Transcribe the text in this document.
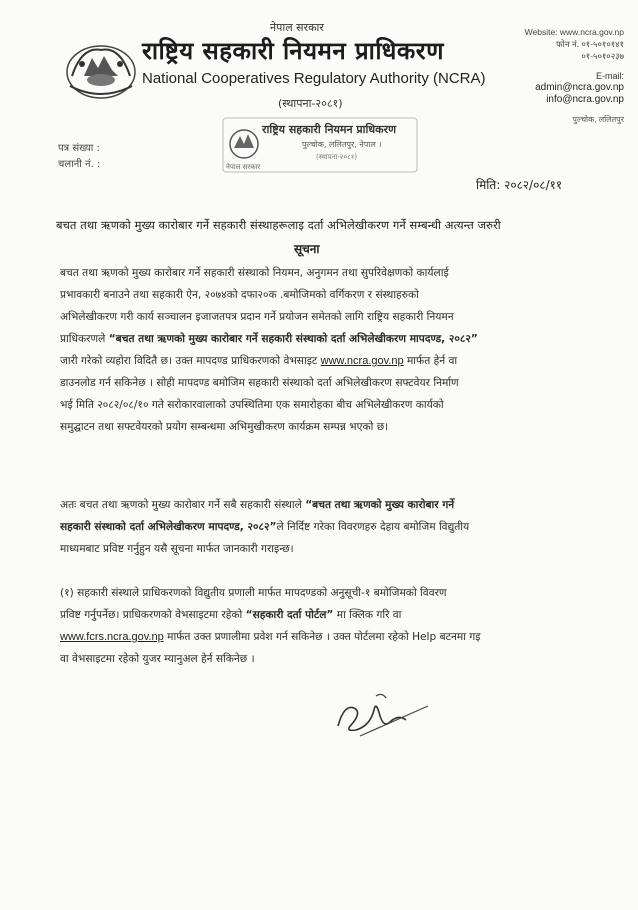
नेपाल सरकार
राष्ट्रिय सहकारी नियमन प्राधिकरण
National Cooperatives Regulatory Authority (NCRA)
(स्थापना-२०८१)
Website: www.ncra.gov.np
फोन नं. ०१-५०१०१४१
०१-५०१०२३७
E-mail:
admin@ncra.gov.np
info@ncra.gov.np
पुल्चोक, ललितपुर
पत्र संख्या :
चलानी नं. :
राष्ट्रिय सहकारी नियमन प्राधिकरण
पुल्चोक, ललितपुर, नेपाल ।
(स्थापना-२०८१)
नेपाल सरकार
मिति: २०८२/०८/११
बचत तथा ऋणको मुख्य कारोबार गर्ने सहकारी संस्थाहरूलाइ दर्ता अभिलेखीकरण गर्ने सम्बन्धी अत्यन्त जरुरी
सूचना
बचत तथा ऋणको मुख्य कारोबार गर्ने सहकारी संस्थाको नियमन, अनुगमन तथा सुपरिवेक्षणको कार्यलाई
प्रभावकारी बनाउने तथा सहकारी ऐन, २०७४को दफा२०क .बमोजिमको वर्गिकरण र संस्थाहरुको
अभिलेखीकरण गरी कार्य सञ्चालन इजाजतपत्र प्रदान गर्ने प्रयोजन समेतको लागि राष्ट्रिय सहकारी नियमन
प्राधिकरणले “बचत तथा ऋणको मुख्य कारोबार गर्ने सहकारी संस्थाको दर्ता अभिलेखीकरण मापदण्ड, २०८२”
जारी गरेको व्यहोरा विदितै छ। उक्त मापदण्ड प्राधिकरणको वेभसाइट www.ncra.gov.np मार्फत हेर्न वा
डाउनलोड गर्न सकिनेछ । सोही मापदण्ड बमोजिम सहकारी संस्थाको दर्ता अभिलेखीकरण सफ्टवेयर निर्माण
भई मिति २०८२/०८/१० गते सरोकारवालाको उपस्थितिमा एक समारोहका बीच अभिलेखीकरण कार्यको
समुद्घाटन तथा सफ्टवेयरको प्रयोग सम्बन्धमा अभिमुखीकरण कार्यक्रम सम्पन्न भएको छ।
अतः बचत तथा ऋणको मुख्य कारोबार गर्ने सबै सहकारी संस्थाले “बचत तथा ऋणको मुख्य कारोबार गर्ने
सहकारी संस्थाको दर्ता अभिलेखीकरण मापदण्ड, २०८२”ले निर्दिष्ट गरेका विवरणहरु देहाय बमोजिम विद्युतीय
माध्यमबाट प्रविष्ट गर्नुहुन यसै सूचना मार्फत जानकारी गराइन्छ।
(१) सहकारी संस्थाले प्राधिकरणको विद्युतीय प्रणाली मार्फत मापदण्डको अनुसूची-१ बमोजिमको विवरण
प्रविष्ट गर्नुपर्नेछ। प्राधिकरणको वेभसाइटमा रहेको “सहकारी दर्ता पोर्टल” मा क्लिक गरि वा
www.fcrs.ncra.gov.np मार्फत उक्त प्रणालीमा प्रवेश गर्न सकिनेछ । उक्त पोर्टलमा रहेको Help बटनमा गइ
वा वेभसाइटमा रहेको युजर म्यानुअल हेर्न सकिनेछ ।
